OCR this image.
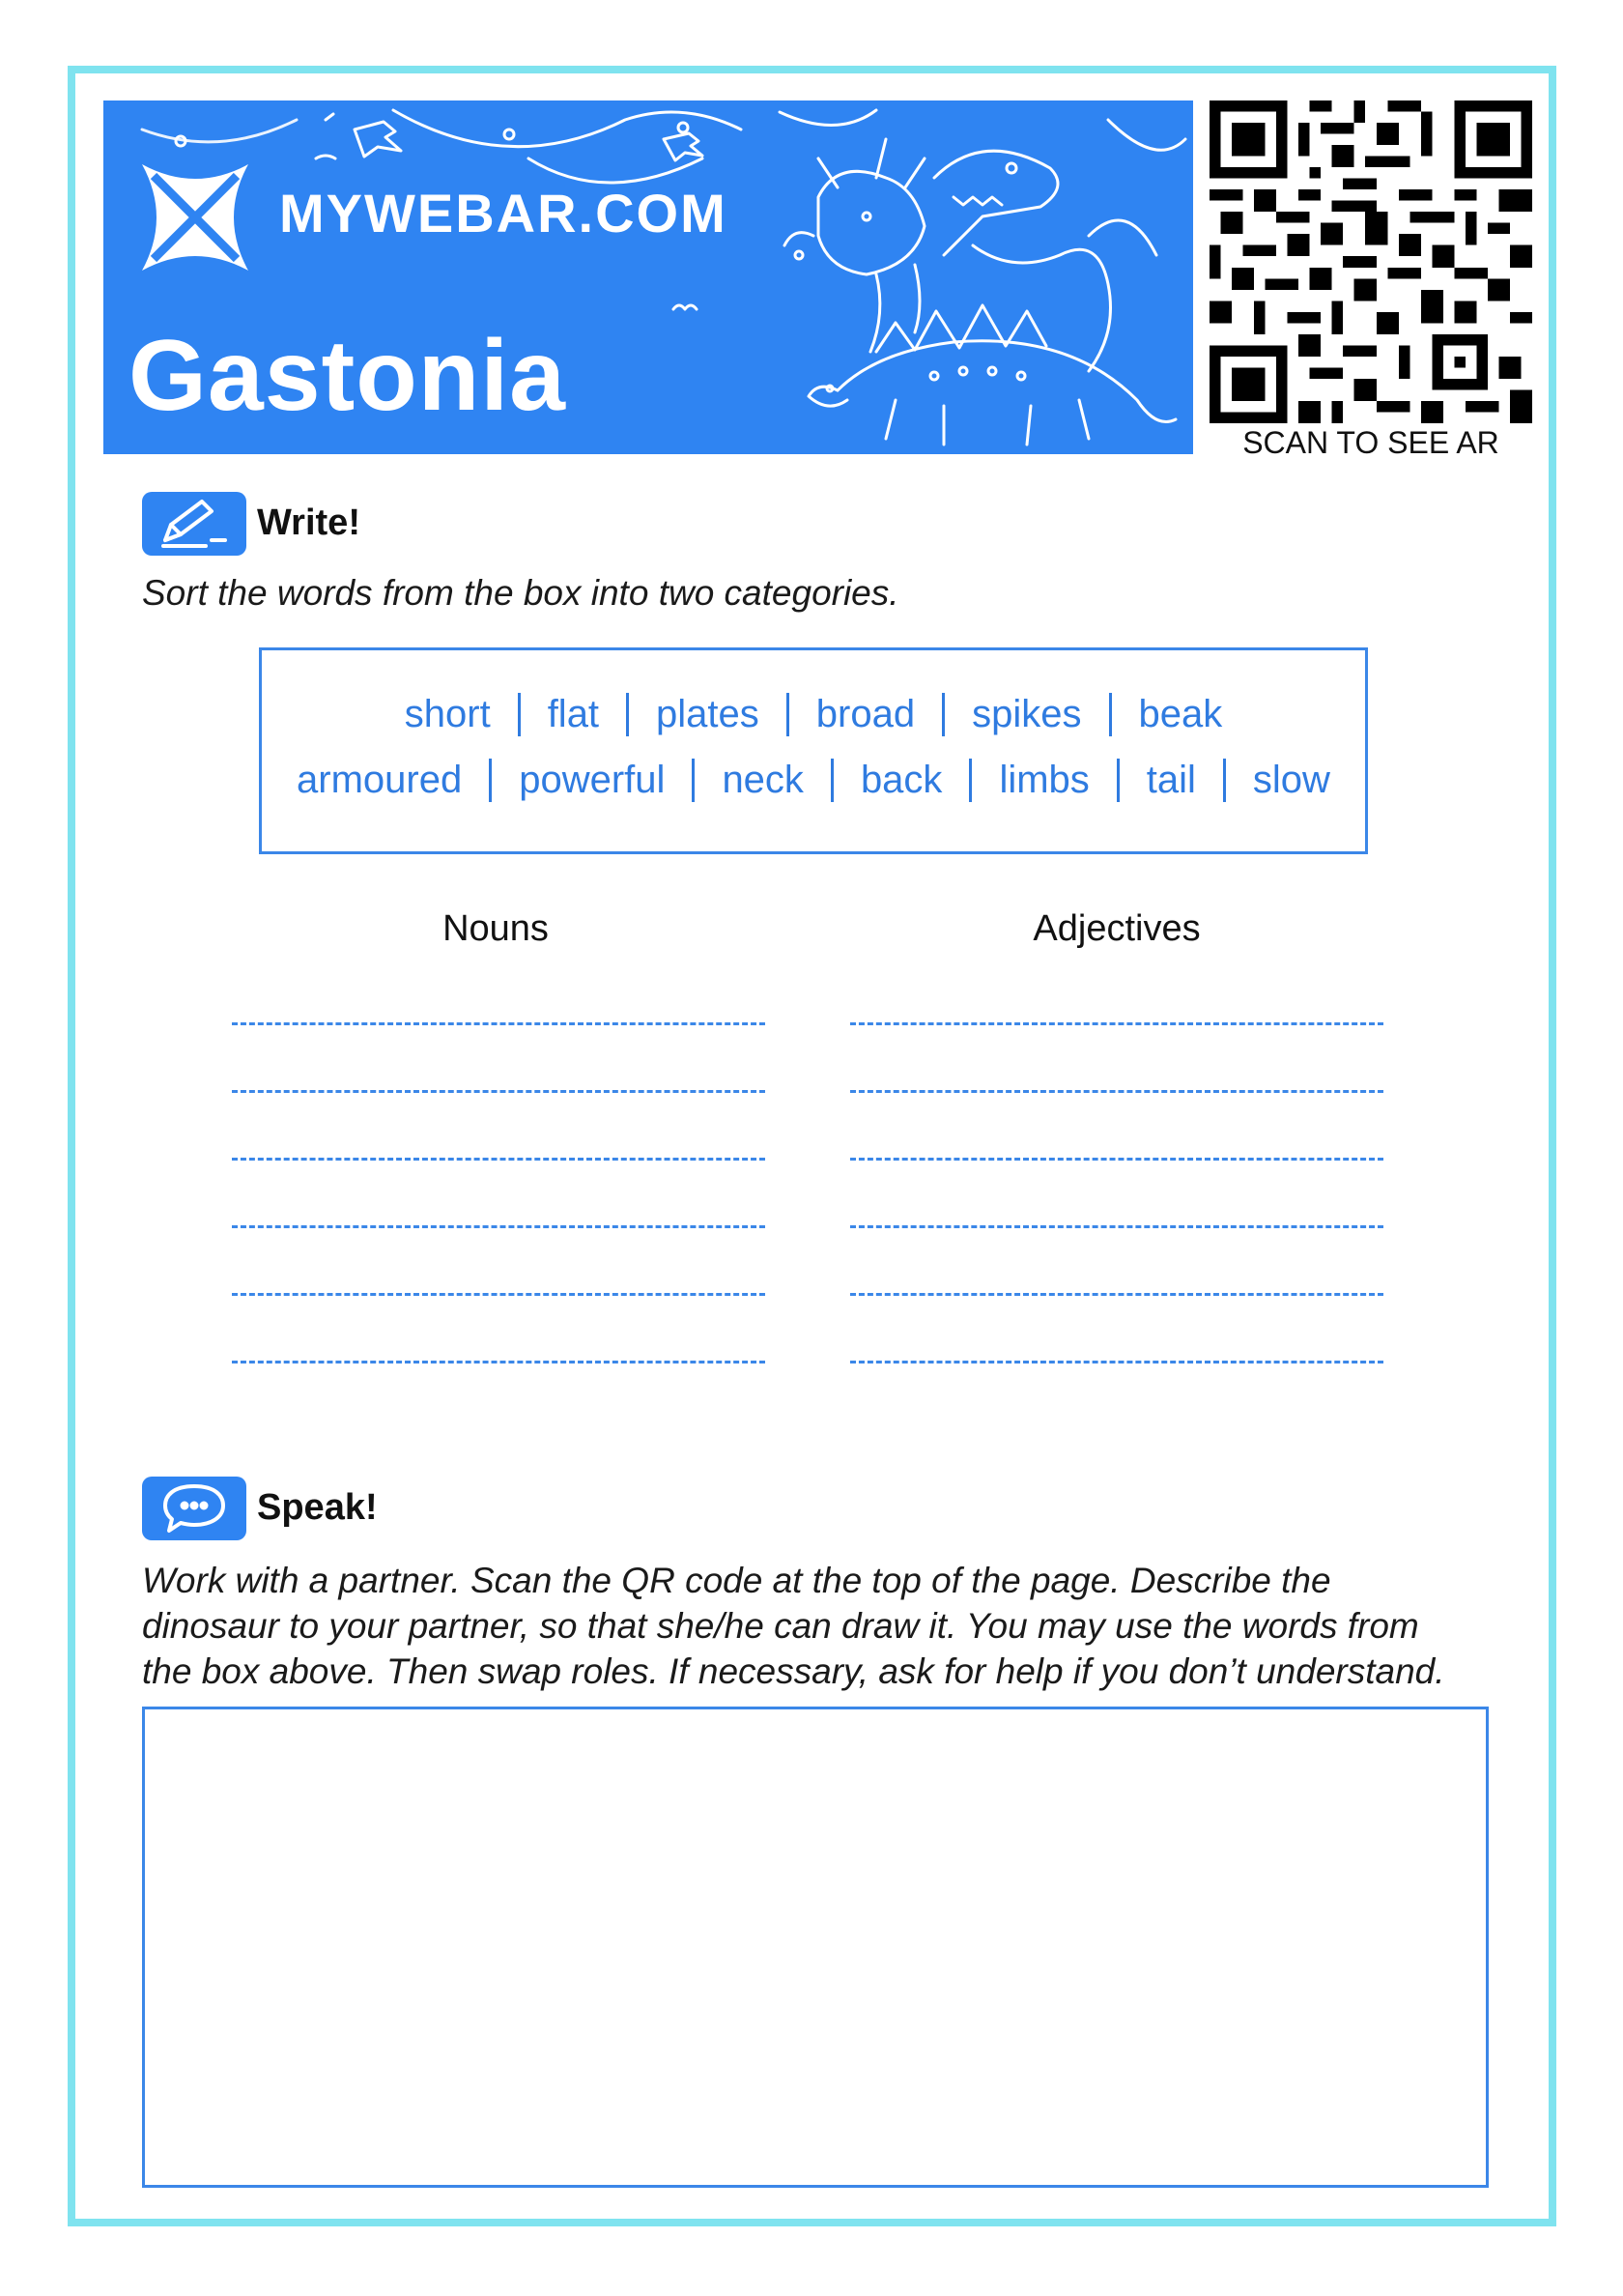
MYWEBAR.COM
Gastonia
SCAN TO SEE AR
Write!
Sort the words from the box into two categories.
short	flat	plates	broad	spikes	beak
armoured	powerful	neck	back	limbs	tail	slow
Nouns	Adjectives
Speak!
Work with a partner. Scan the QR code at the top of the page. Describe the
dinosaur to your partner, so that she/he can draw it. You may use the words from
the box above. Then swap roles. If necessary, ask for help if you don’t understand.
